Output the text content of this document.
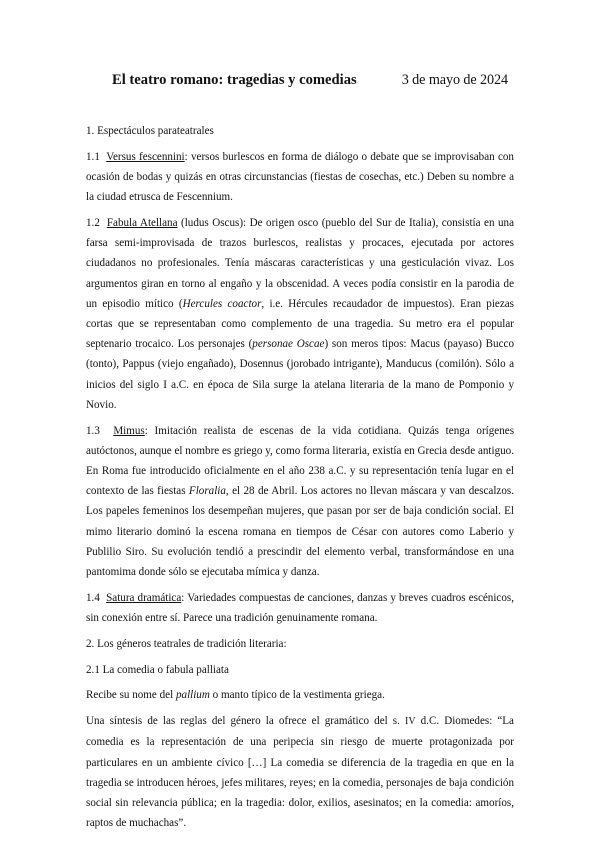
El teatro romano: tragedias y comedias	3 de mayo de 2024

1. Espectáculos parateatrales

1.1 Versus fescennini: versos burlescos en forma de diálogo o debate que se improvisaban con ocasión de bodas y quizás en otras circunstancias (fiestas de cosechas, etc.) Deben su nombre a la ciudad etrusca de Fescennium.

1.2 Fabula Atellana (ludus Oscus): De origen osco (pueblo del Sur de Italia), consistía en una farsa semi-improvisada de trazos burlescos, realistas y procaces, ejecutada por actores ciudadanos no profesionales. Tenía máscaras características y una gesticulación vivaz. Los argumentos giran en torno al engaño y la obscenidad. A veces podía consistir en la parodia de un episodio mítico (Hercules coactor, i.e. Hércules recaudador de impuestos). Eran piezas cortas que se representaban como complemento de una tragedia. Su metro era el popular septenario trocaico. Los personajes (personae Oscae) son meros tipos: Macus (payaso) Bucco (tonto), Pappus (viejo engañado), Dosennus (jorobado intrigante), Manducus (comilón). Sólo a inicios del siglo I a.C. en época de Sila surge la atelana literaria de la mano de Pomponio y Novio.

1.3 Mimus: Imitación realista de escenas de la vida cotidiana. Quizás tenga orígenes autóctonos, aunque el nombre es griego y, como forma literaria, existía en Grecia desde antiguo. En Roma fue introducido oficialmente en el año 238 a.C. y su representación tenía lugar en el contexto de las fiestas Floralia, el 28 de Abril. Los actores no llevan máscara y van descalzos. Los papeles femeninos los desempeñan mujeres, que pasan por ser de baja condición social. El mimo literario dominó la escena romana en tiempos de César con autores como Laberio y Publilio Siro. Su evolución tendió a prescindir del elemento verbal, transformándose en una pantomima donde sólo se ejecutaba mímica y danza.

1.4 Satura dramática: Variedades compuestas de canciones, danzas y breves cuadros escénicos, sin conexión entre sí. Parece una tradición genuinamente romana.

2. Los géneros teatrales de tradición literaria:

2.1 La comedia o fabula palliata

Recibe su nome del pallium o manto típico de la vestimenta griega.

Una síntesis de las reglas del género la ofrece el gramático del s. IV d.C. Diomedes: “La comedia es la representación de una peripecia sin riesgo de muerte protagonizada por particulares en un ambiente cívico […] La comedia se diferencia de la tragedia en que en la tragedia se introducen héroes, jefes militares, reyes; en la comedia, personajes de baja condición social sin relevancia pública; en la tragedia: dolor, exilios, asesinatos; en la comedia: amoríos, raptos de muchachas”.
